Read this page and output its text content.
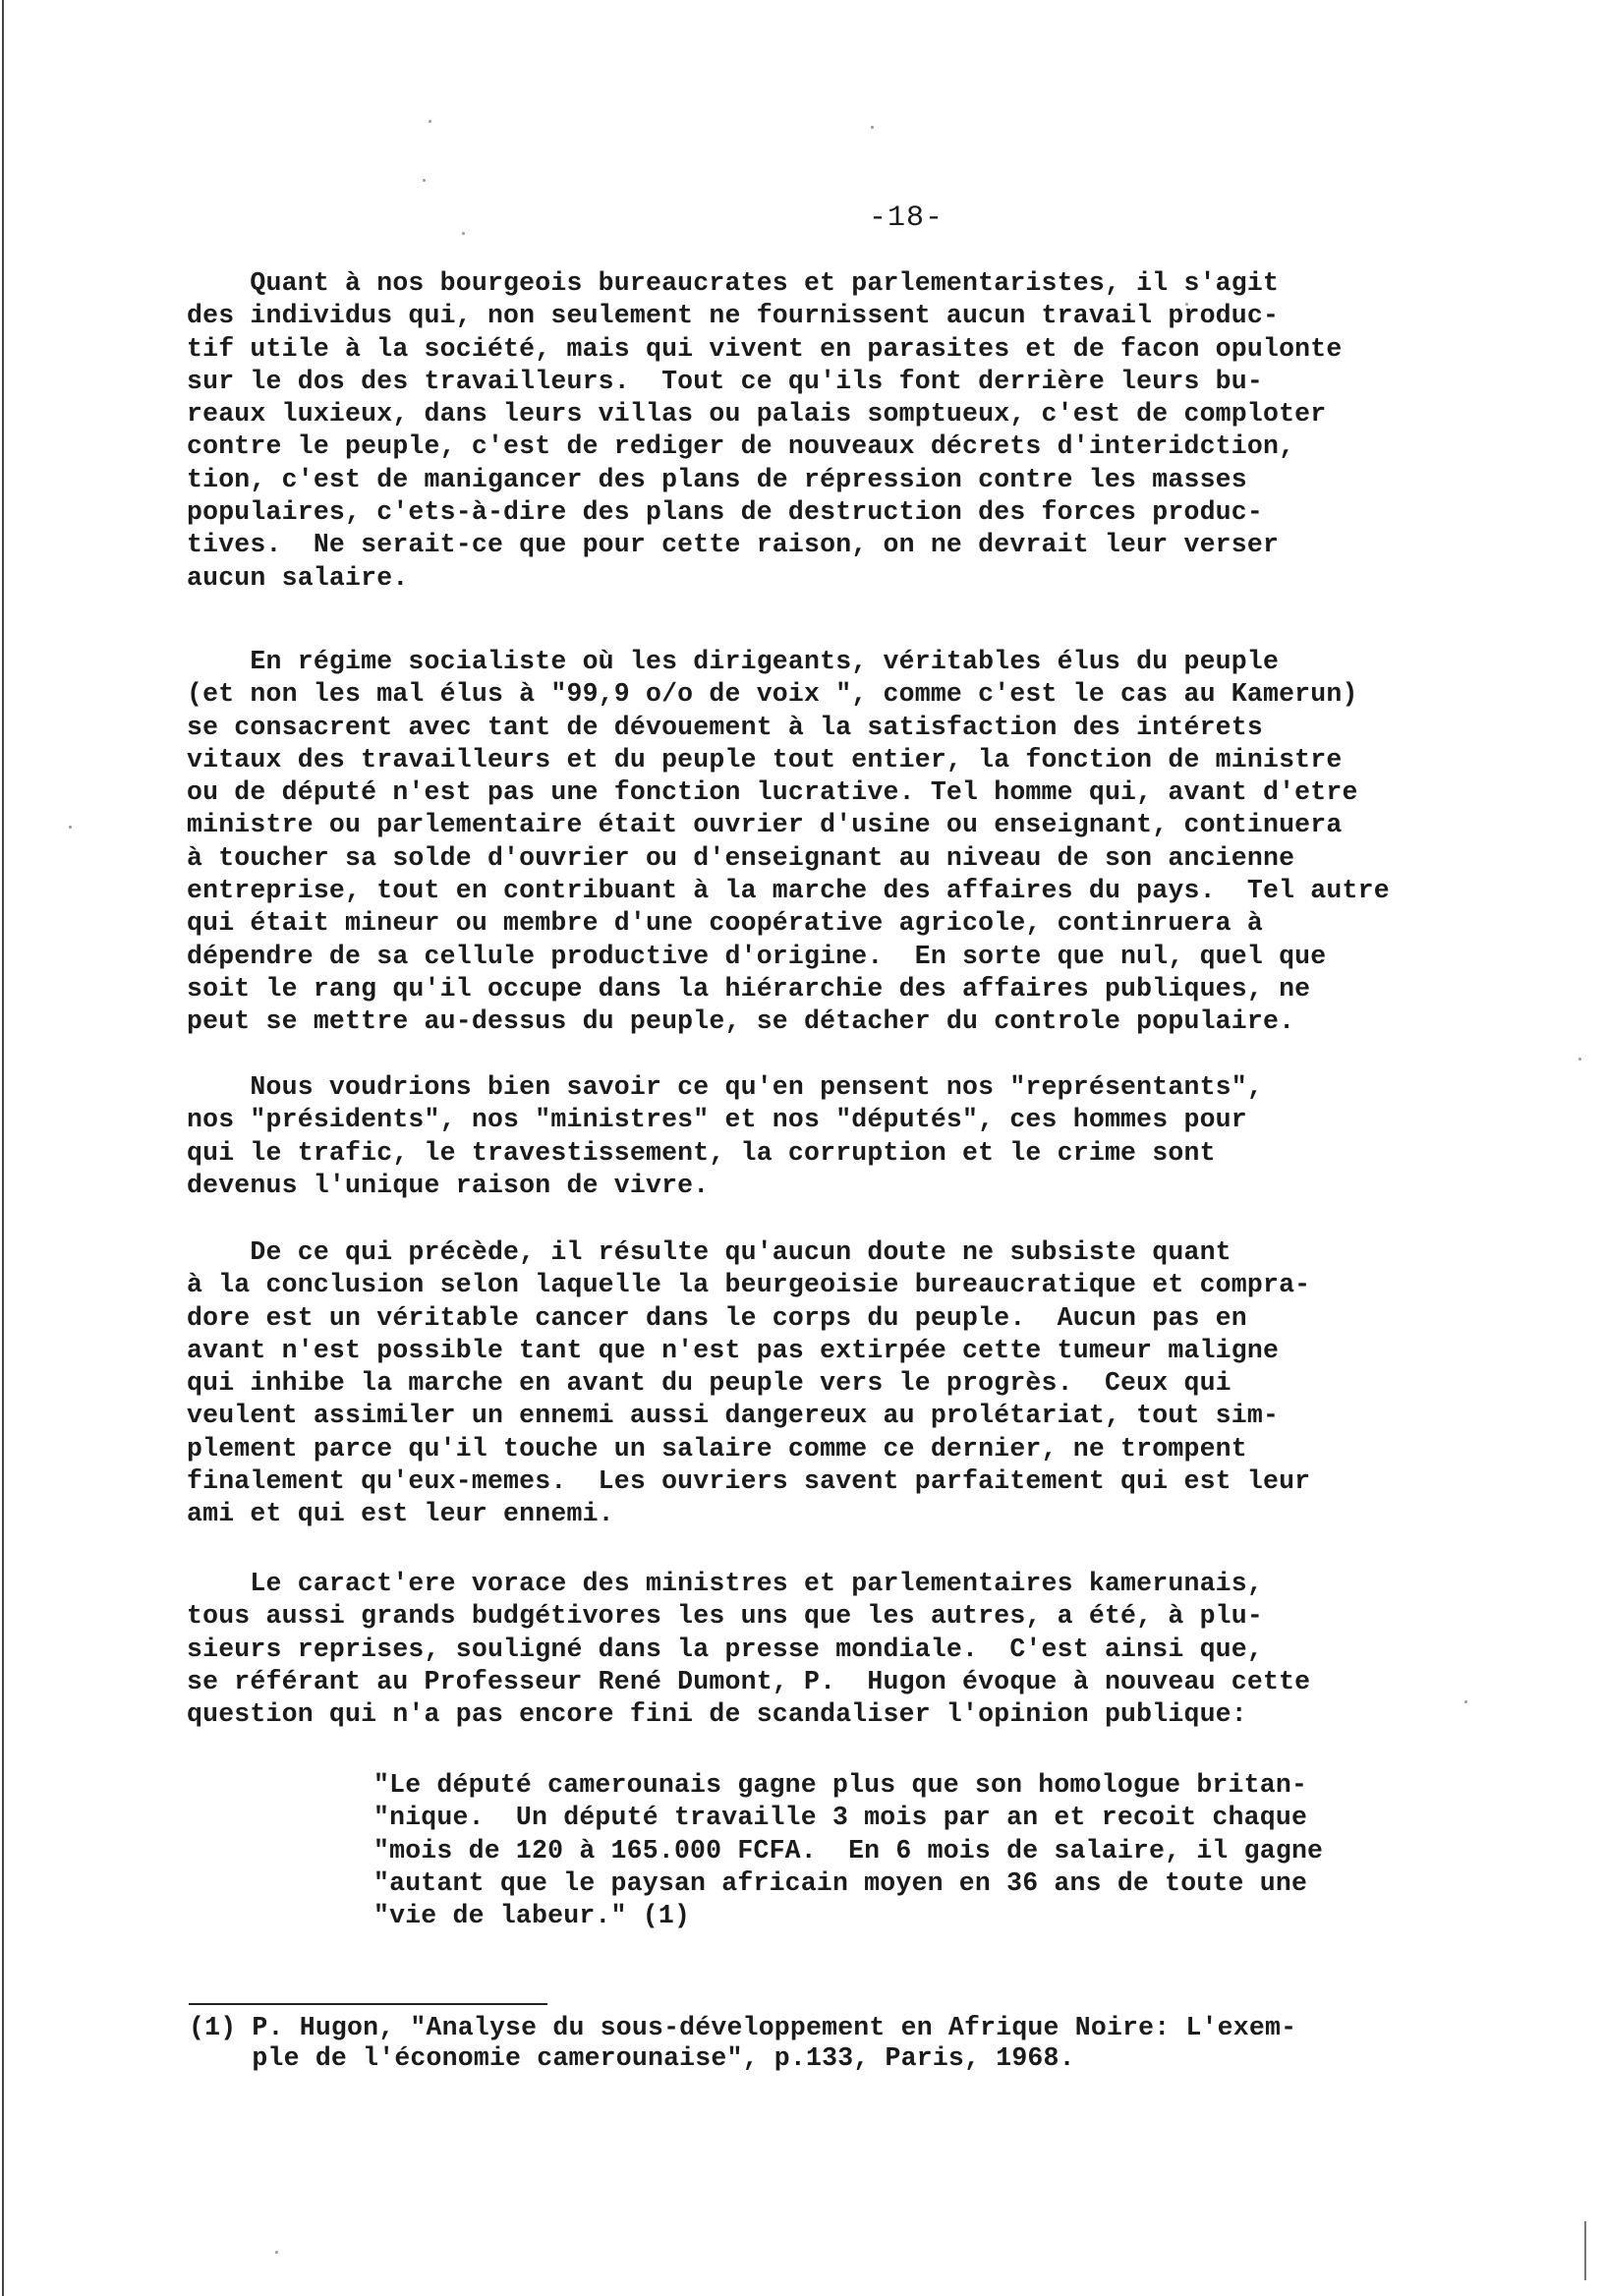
-18-
Quant à nos bourgeois bureaucrates et parlementaristes, il s'agit
des individus qui, non seulement ne fournissent aucun travail produc-
tif utile à la société, mais qui vivent en parasites et de facon opulonte
sur le dos des travailleurs.  Tout ce qu'ils font derrière leurs bu-
reaux luxieux, dans leurs villas ou palais somptueux, c'est de comploter
contre le peuple, c'est de rediger de nouveaux décrets d'interidction,
tion, c'est de manigancer des plans de répression contre les masses
populaires, c'ets-à-dire des plans de destruction des forces produc-
tives.  Ne serait-ce que pour cette raison, on ne devrait leur verser
aucun salaire.
En régime socialiste où les dirigeants, véritables élus du peuple
(et non les mal élus à "99,9 o/o de voix ", comme c'est le cas au Kamerun)
se consacrent avec tant de dévouement à la satisfaction des intérets
vitaux des travailleurs et du peuple tout entier, la fonction de ministre
ou de député n'est pas une fonction lucrative. Tel homme qui, avant d'etre
ministre ou parlementaire était ouvrier d'usine ou enseignant, continuera
à toucher sa solde d'ouvrier ou d'enseignant au niveau de son ancienne
entreprise, tout en contribuant à la marche des affaires du pays.  Tel autre
qui était mineur ou membre d'une coopérative agricole, continruera à
dépendre de sa cellule productive d'origine.  En sorte que nul, quel que
soit le rang qu'il occupe dans la hiérarchie des affaires publiques, ne
peut se mettre au-dessus du peuple, se détacher du controle populaire.
Nous voudrions bien savoir ce qu'en pensent nos "représentants",
nos "présidents", nos "ministres" et nos "députés", ces hommes pour
qui le trafic, le travestissement, la corruption et le crime sont
devenus l'unique raison de vivre.
De ce qui précède, il résulte qu'aucun doute ne subsiste quant
à la conclusion selon laquelle la beurgeoisie bureaucratique et compra-
dore est un véritable cancer dans le corps du peuple.  Aucun pas en
avant n'est possible tant que n'est pas extirpée cette tumeur maligne
qui inhibe la marche en avant du peuple vers le progrès.  Ceux qui
veulent assimiler un ennemi aussi dangereux au prolétariat, tout sim-
plement parce qu'il touche un salaire comme ce dernier, ne trompent
finalement qu'eux-memes.  Les ouvriers savent parfaitement qui est leur
ami et qui est leur ennemi.
Le caract'ere vorace des ministres et parlementaires kamerunais,
tous aussi grands budgétivores les uns que les autres, a été, à plu-
sieurs reprises, souligné dans la presse mondiale.  C'est ainsi que,
se référant au Professeur René Dumont, P.  Hugon évoque à nouveau cette
question qui n'a pas encore fini de scandaliser l'opinion publique:
"Le député camerounais gagne plus que son homologue britan-
"nique.  Un député travaille 3 mois par an et recoit chaque
"mois de 120 à 165.000 FCFA.  En 6 mois de salaire, il gagne
"autant que le paysan africain moyen en 36 ans de toute une
"vie de labeur." (1)
(1) P. Hugon, "Analyse du sous-développement en Afrique Noire: L'exem-
ple de l'économie camerounaise", p.133, Paris, 1968.
